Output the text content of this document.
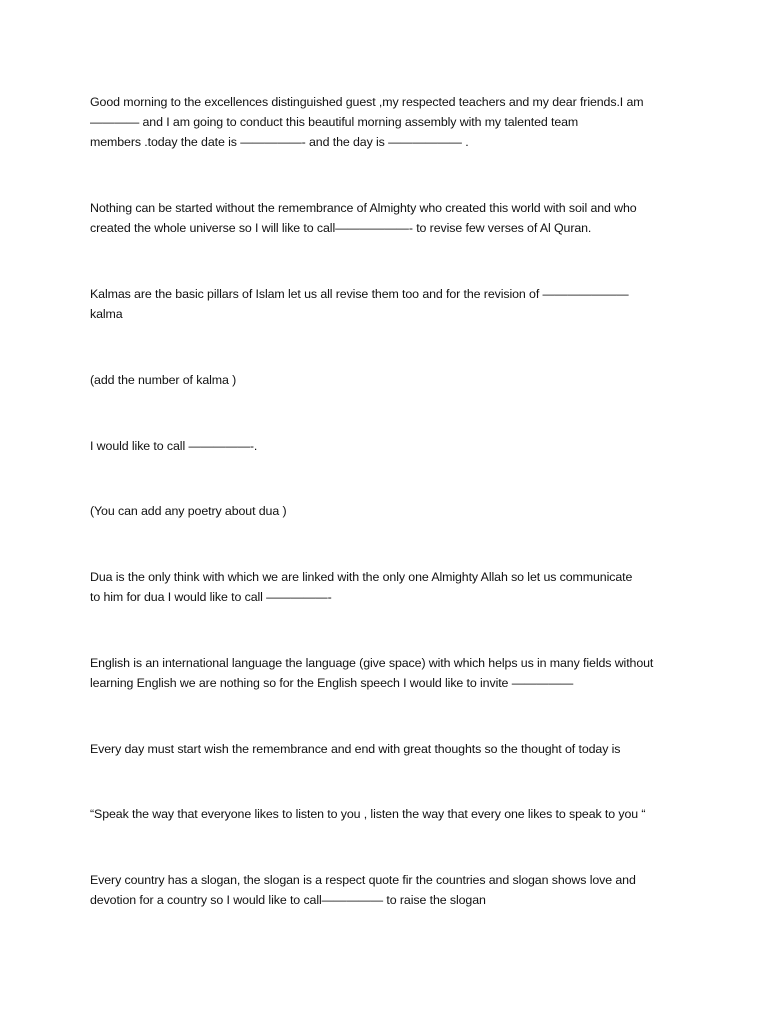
Good morning to the excellences distinguished guest ,my respected teachers and my dear friends.I am
———— and I am going to conduct this beautiful morning assembly with my talented team
members .today the date is —————- and the day is —————— .

Nothing can be started without the remembrance of Almighty who created this world with soil and who
created the whole universe so I will like to call——————- to revise few verses of Al Quran.

Kalmas are the basic pillars of Islam let us all revise them too and for the revision of ———————
kalma

(add the number of kalma )

I would like to call —————-.

(You can add any poetry about dua )

Dua is the only think with which we are linked with the only one Almighty Allah so let us communicate
to him for dua I would like to call —————-

English is an international language the language (give space) with which helps us in many fields without
learning English we are nothing so for the English speech I would like to invite —————

Every day must start wish the remembrance and end with great thoughts so the thought of today is

“Speak the way that everyone likes to listen to you , listen the way that every one likes to speak to you “

Every country has a slogan, the slogan is a respect quote fir the countries and slogan shows love and
devotion for a country so I would like to call————— to raise the slogan
